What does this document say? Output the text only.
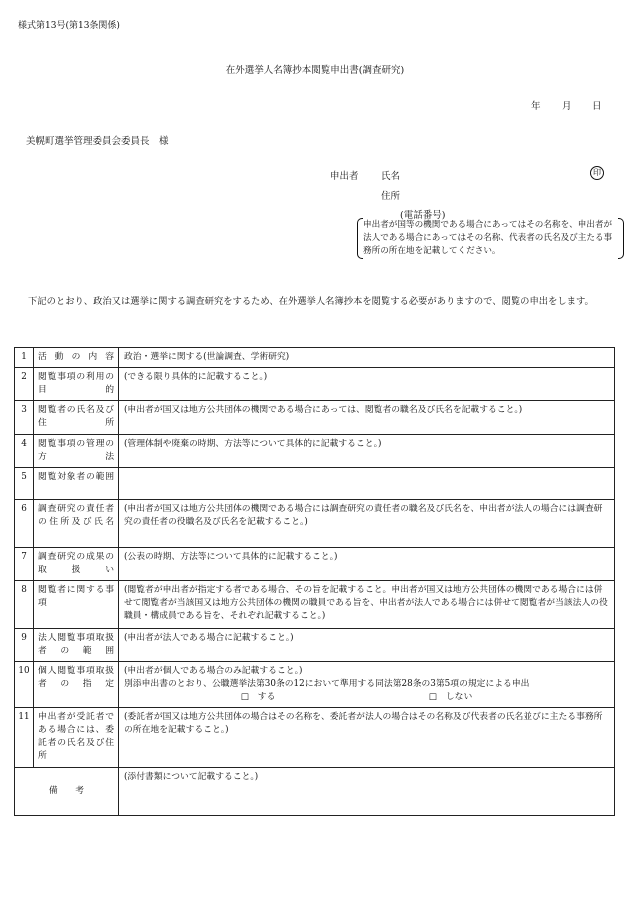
様式第13号(第13条関係)
在外選挙人名簿抄本閲覧申出書(調査研究)
年 月 日
美幌町選挙管理委員会委員長　様
申出者 氏名	印
住所
(電話番号)
申出者が国等の機関である場合にあってはその名称を、申出者が法人である場合にあってはその名称、代表者の氏名及び主たる事務所の所在地を記載してください。
下記のとおり、政治又は選挙に関する調査研究をするため、在外選挙人名簿抄本を閲覧する必要がありますので、閲覧の申出をします。
1	活動の内容	政治・選挙に関する(世論調査、学術研究)

2	閲覧事項の利用の目的	(できる限り具体的に記載すること。)

3	閲覧者の氏名及び住所	(申出者が国又は地方公共団体の機関である場合にあっては、閲覧者の職名及び氏名を記載すること。)

4	閲覧事項の管理の方法	(管理体制や廃棄の時期、方法等について具体的に記載すること。)

5	閲覧対象者の範囲	

6	調査研究の責任者の住所及び氏名	(申出者が国又は地方公共団体の機関である場合には調査研究の責任者の職名及び氏名を、申出者が法人の場合には調査研究の責任者の役職名及び氏名を記載すること。)

7	調査研究の成果の取扱い	(公表の時期、方法等について具体的に記載すること。)

8	閲覧者に関する事項	(閲覧者が申出者が指定する者である場合、その旨を記載すること。申出者が国又は地方公共団体の機関である場合には併せて閲覧者が当該国又は地方公共団体の機関の職員である旨を、申出者が法人である場合には併せて閲覧者が当該法人の役職員・構成員である旨を、それぞれ記載すること。)

9	法人閲覧事項取扱者の範囲	(申出者が法人である場合に記載すること。)

10	個人閲覧事項取扱者の指定	(申出者が個人である場合のみ記載すること。)
別添申出書のとおり、公職選挙法第30条の12において準用する同法第28条の3第5項の規定による申出
□　する □　しない

11	申出者が受託者である場合には、委託者の氏名及び住所	(委託者が国又は地方公共団体の場合はその名称を、委託者が法人の場合はその名称及び代表者の氏名並びに主たる事務所の所在地を記載すること。)

備　　考		(添付書類について記載すること。)
